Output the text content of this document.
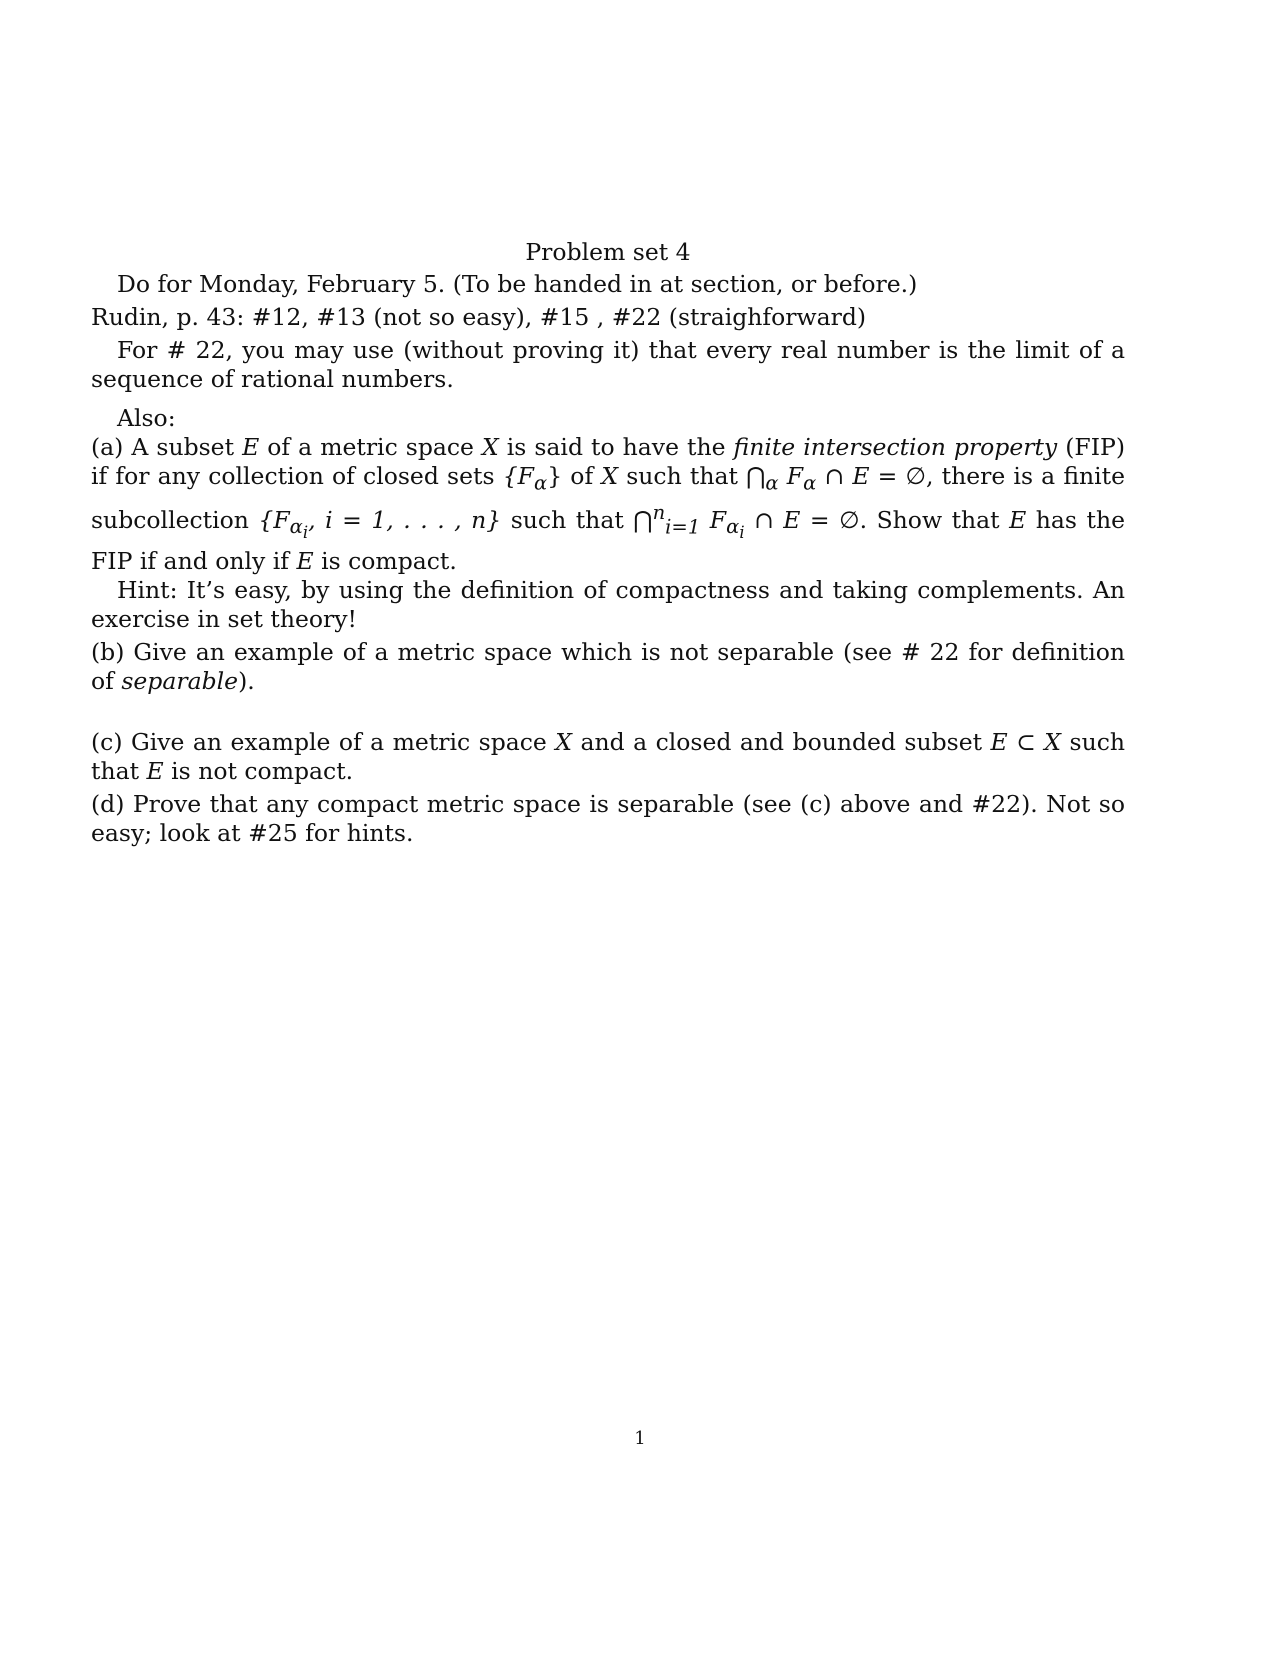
Problem set 4
Do for Monday, February 5. (To be handed in at section, or before.)
Rudin, p. 43: #12, #13 (not so easy), #15 , #22 (straighforward)
For # 22, you may use (without proving it) that every real number is the limit of a sequence of rational numbers.
Also:
(a) A subset E of a metric space X is said to have the finite intersection property (FIP) if for any collection of closed sets $\{F_\alpha\}$ of X such that $⋂_\alpha$ $F_\alpha$ ∩ E = ∅, there is a finite subcollection {$F_{\alpha_i}$, i = 1, . . . , n} such that ⋂$^n_{i=1}$ $F_{\alpha_i}$ ∩ E = ∅. Show that E has the FIP if and only if E is compact.
Hint: It’s easy, by using the definition of compactness and taking complements. An exercise in set theory!
(b) Give an example of a metric space which is not separable (see # 22 for definition of separable).
(c) Give an example of a metric space X and a closed and bounded subset E ⊂ X such that E is not compact.
(d) Prove that any compact metric space is separable (see (c) above and #22). Not so easy; look at #25 for hints.
1
